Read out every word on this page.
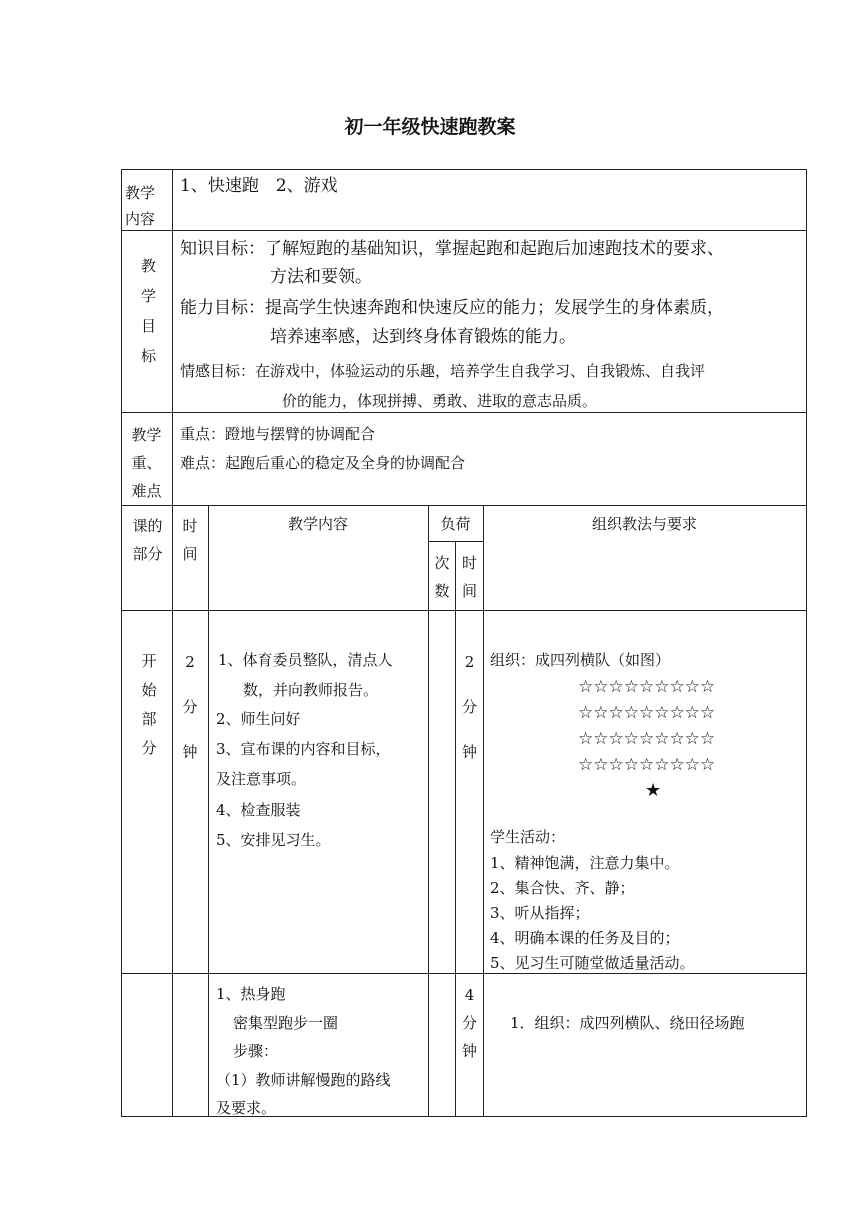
初一年级快速跑教案
教学
内容
1、快速跑　2、游戏
教
学
目
标
知识目标：了解短跑的基础知识，掌握起跑和起跑后加速跑技术的要求、
方法和要领。
能力目标：提高学生快速奔跑和快速反应的能力；发展学生的身体素质，
培养速率感，达到终身体育锻炼的能力。
情感目标：在游戏中，体验运动的乐趣，培养学生自我学习、自我锻炼、自我评
价的能力，体现拼搏、勇敢、进取的意志品质。
教学
重、
难点
重点：蹬地与摆臂的协调配合
难点：起跑后重心的稳定及全身的协调配合
课的
部分
时
间
教学内容	负荷
次
数
时
间
组织教法与要求
开
始
部
分
2
分
钟
1、体育委员整队，清点人
数，并向教师报告。
2、师生问好
3、宣布课的内容和目标，
及注意事项。
4、检查服装
5、安排见习生。
2
分
钟
组织：成四列横队（如图）
☆☆☆☆☆☆☆☆☆
☆☆☆☆☆☆☆☆☆
☆☆☆☆☆☆☆☆☆
☆☆☆☆☆☆☆☆☆
★
学生活动：
1、精神饱满，注意力集中。
2、集合快、齐、静；
3、听从指挥；
4、明确本课的任务及目的；
5、见习生可随堂做适量活动。
1、热身跑
密集型跑步一圈
步骤：
（1）教师讲解慢跑的路线
及要求。
4
分
钟
1．组织：成四列横队、绕田径场跑
